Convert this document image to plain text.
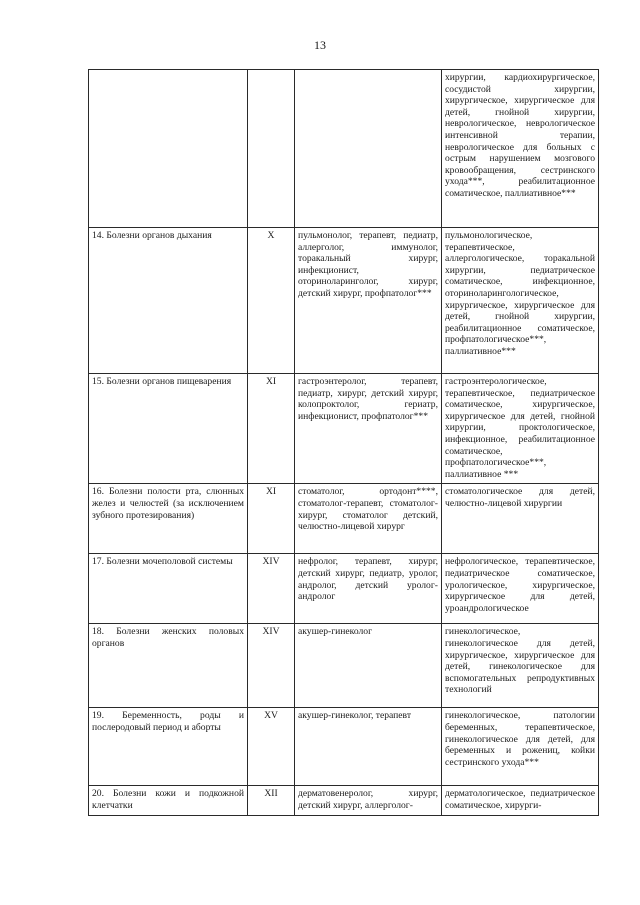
13
			хирургии, кардиохирургическое, сосудистой хирургии, хирургическое, хирургическое для детей, гнойной хирургии, неврологическое, неврологическое интенсивной терапии, неврологическое для больных с острым нарушением мозгового кровообращения, сестринского ухода***, реабилитационное соматическое, паллиативное***
14. Болезни органов дыхания	X	пульмонолог, терапевт, педиатр, аллерголог, иммунолог, торакальный хирург, инфекционист, оториноларинголог, хирург, детский хирург, профпатолог***	пульмонологическое, терапевтическое, аллергологическое, торакальной хирургии, педиатрическое соматическое, инфекционное, оториноларингологическое, хирургическое, хирургическое для детей, гнойной хирургии, реабилитационное соматическое, профпатологическое***, паллиативное***
15. Болезни органов пищеварения	XI	гастроэнтеролог, терапевт, педиатр, хирург, детский хирург, колопроктолог, гериатр, инфекционист, профпатолог***	гастроэнтерологическое, терапевтическое, педиатрическое соматическое, хирургическое, хирургическое для детей, гнойной хирургии, проктологическое, инфекционное, реабилитационное соматическое, профпатологическое***, паллиативное ***
16. Болезни полости рта, слюнных желез и челюстей (за исключением зубного протезирования)	XI	стоматолог, ортодонт****, стоматолог-терапевт, стоматолог-хирург, стоматолог детский, челюстно-лицевой хирург	стоматологическое для детей, челюстно-лицевой хирургии
17. Болезни мочеполовой системы	XIV	нефролог, терапевт, хирург, детский хирург, педиатр, уролог, андролог, детский уролог-андролог	нефрологическое, терапевтическое, педиатрическое соматическое, урологическое, хирургическое, хирургическое для детей, уроандрологическое
18. Болезни женских половых органов	XIV	акушер-гинеколог	гинекологическое, гинекологическое для детей, хирургическое, хирургическое для детей, гинекологическое для вспомогательных репродуктивных технологий
19. Беременность, роды и послеродовый период и аборты	XV	акушер-гинеколог, терапевт	гинекологическое, патологии беременных, терапевтическое, гинекологическое для детей, для беременных и рожениц, койки сестринского ухода***
20. Болезни кожи и подкожной клетчатки	XII	дерматовенеролог, хирург, детский хирург, аллерголог-	дерматологическое, педиатрическое соматическое, хирурги-
